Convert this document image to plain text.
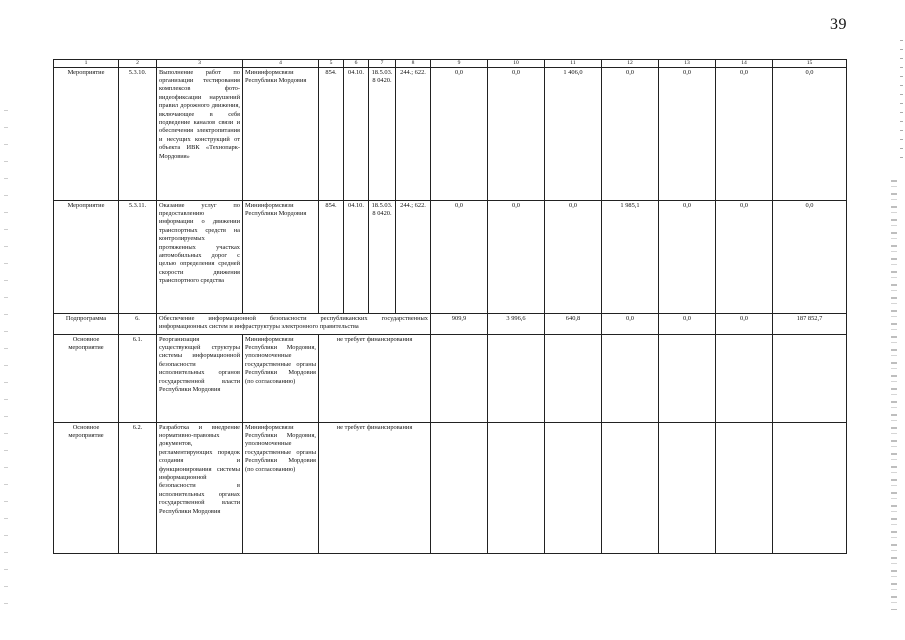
39
1	2	3	4	5	6	7	8	9	10	11	12	13	14	15
Мероприятие	5.3.10.	Выполнение работ по организации тестирования комплексов фото-видеофиксации нарушений правил дорожного движения, включающее в себя подведение каналов связи и обеспечения электропитания и несущих конструкций от объекта ИВК «Технопарк-Мордовия»	Мининформсвязи Республики Мордовия	854.	04.10.	18.5.03.8 0420.	244.; 622.	0,0	0,0	1 406,0	0,0	0,0	0,0	0,0
Мероприятие	5.3.11.	Оказание услуг по предоставлению информации о движении транспортных средств на контролируемых протяженных участках автомобильных дорог с целью определения средней скорости движения транспортного средства	Мининформсвязи Республики Мордовия	854.	04.10.	18.5.03.8 0420.	244.; 622.	0,0	0,0	0,0	1 985,1	0,0	0,0	0,0
Подпрограмма	6.	Обеспечение информационной безопасности республиканских государственных информационных систем и инфраструктуры электронного правительства						909,9	3 996,6	640,8	0,0	0,0	0,0	187 852,7
Основное мероприятие	6.1.	Реорганизация существующей структуры системы информационной безопасности исполнительных органов государственной власти Республики Мордовия	Мининформсвязи Республики Мордовия, уполномоченные государственные органы Республики Мордовия (по согласованию)	не требует финансирования										
Основное мероприятие	6.2.	Разработка и внедрение нормативно-правовых документов, регламентирующих порядок создания и функционирования системы информационной безопасности в исполнительных органах государственной власти Республики Мордовия	Мининформсвязи Республики Мордовия, уполномоченные государственные органы Республики Мордовия (по согласованию)	не требует финансирования										
